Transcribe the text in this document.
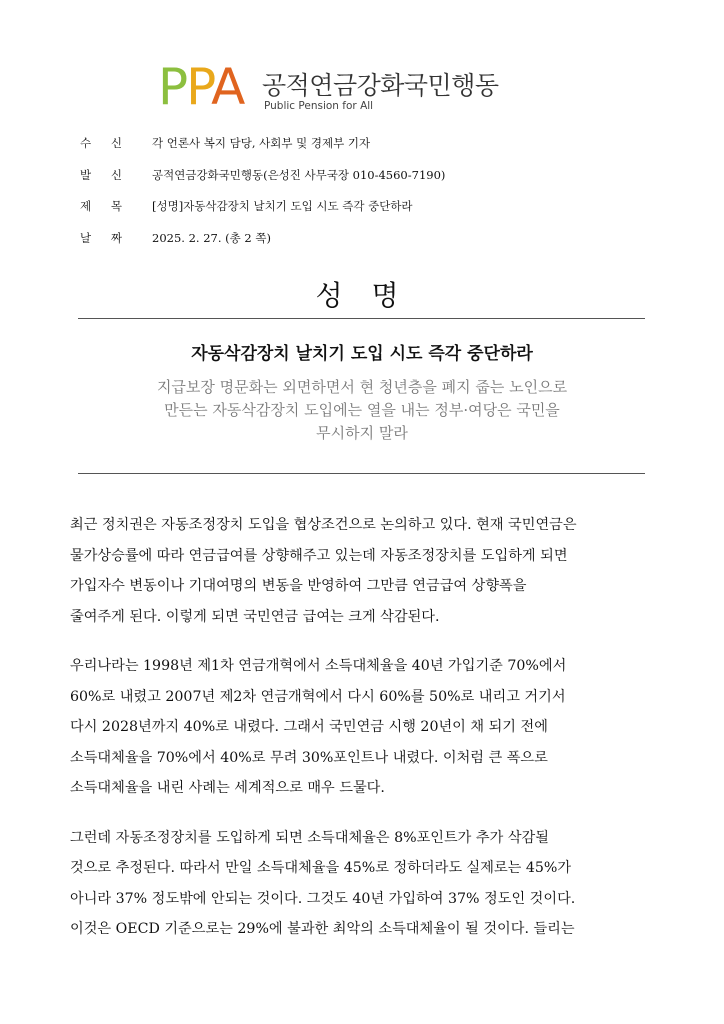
PPA 공적연금강화국민행동
Public Pension for All
수 신	각 언론사 복지 담당, 사회부 및 경제부 기자
발 신	공적연금강화국민행동(은성진 사무국장 010-4560-7190)
제 목	[성명]자동삭감장치 날치기 도입 시도 즉각 중단하라
날 짜	2025. 2. 27. (총 2 쪽)
성 명
자동삭감장치 날치기 도입 시도 즉각 중단하라
지급보장 명문화는 외면하면서 현 청년층을 폐지 줍는 노인으로
만든는 자동삭감장치 도입에는 열을 내는 정부·여당은 국민을
무시하지 말라

최근 정치권은 자동조정장치 도입을 협상조건으로 논의하고 있다. 현재 국민연금은
물가상승률에 따라 연금급여를 상향해주고 있는데 자동조정장치를 도입하게 되면
가입자수 변동이나 기대여명의 변동을 반영하여 그만큼 연금급여 상향폭을
줄여주게 된다. 이렇게 되면 국민연금 급여는 크게 삭감된다.

우리나라는 1998년 제1차 연금개혁에서 소득대체율을 40년 가입기준 70%에서
60%로 내렸고 2007년 제2차 연금개혁에서 다시 60%를 50%로 내리고 거기서
다시 2028년까지 40%로 내렸다. 그래서 국민연금 시행 20년이 채 되기 전에
소득대체율을 70%에서 40%로 무려 30%포인트나 내렸다. 이처럼 큰 폭으로
소득대체율을 내린 사례는 세계적으로 매우 드물다.

그런데 자동조정장치를 도입하게 되면 소득대체율은 8%포인트가 추가 삭감될
것으로 추정된다. 따라서 만일 소득대체율을 45%로 정하더라도 실제로는 45%가
아니라 37% 정도밖에 안되는 것이다. 그것도 40년 가입하여 37% 정도인 것이다.
이것은 OECD 기준으로는 29%에 불과한 최악의 소득대체율이 될 것이다. 들리는
